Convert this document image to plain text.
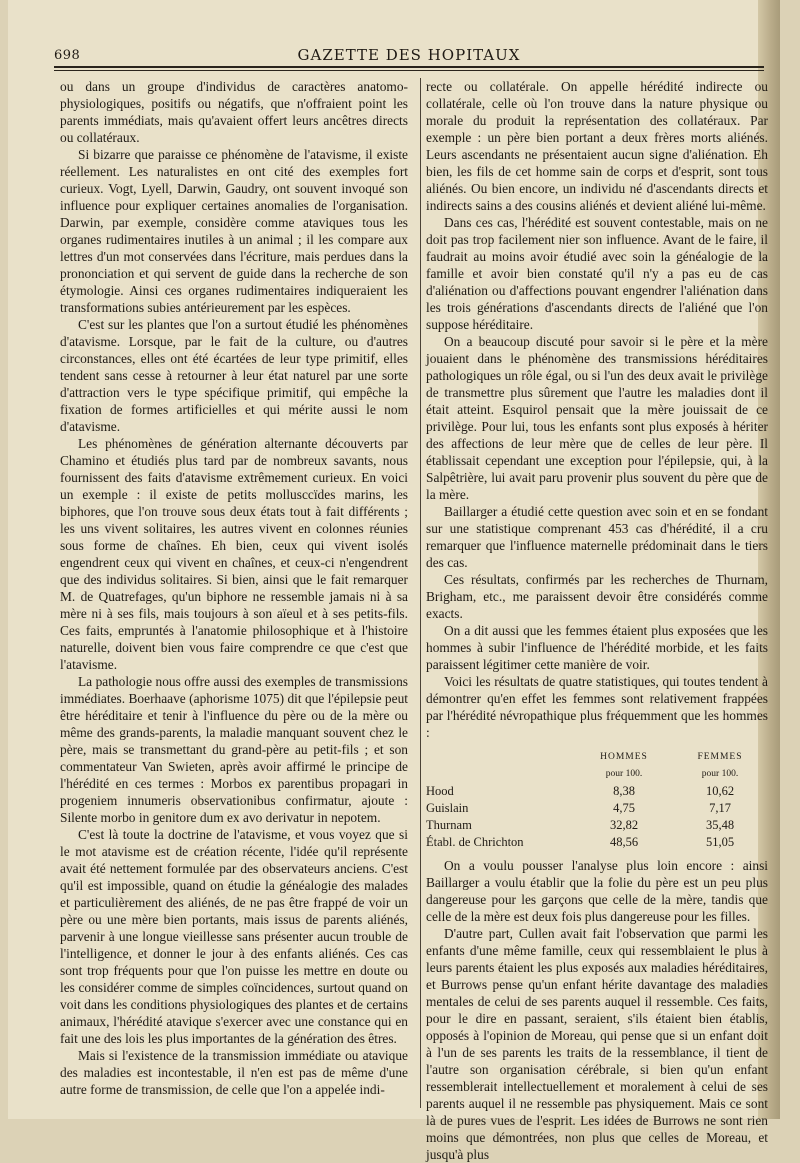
698	GAZETTE DES HOPITAUX

ou dans un groupe d'individus de caractères anatomo-physiologiques, positifs ou négatifs, que n'offraient point les parents immédiats, mais qu'avaient offert leurs ancêtres directs ou collatéraux.

Si bizarre que paraisse ce phénomène de l'atavisme, il existe réellement. Les naturalistes en ont cité des exemples fort curieux. Vogt, Lyell, Darwin, Gaudry, ont souvent invoqué son influence pour expliquer certaines anomalies de l'organisation. Darwin, par exemple, considère comme ataviques tous les organes rudimentaires inutiles à un animal ; il les compare aux lettres d'un mot conservées dans l'écriture, mais perdues dans la prononciation et qui servent de guide dans la recherche de son étymologie. Ainsi ces organes rudimentaires indiqueraient les transformations subies antérieurement par les espèces.

C'est sur les plantes que l'on a surtout étudié les phénomènes d'atavisme. Lorsque, par le fait de la culture, ou d'autres circonstances, elles ont été écartées de leur type primitif, elles tendent sans cesse à retourner à leur état naturel par une sorte d'attraction vers le type spécifique primitif, qui empêche la fixation de formes artificielles et qui mérite aussi le nom d'atavisme.

Les phénomènes de génération alternante découverts par Chamino et étudiés plus tard par de nombreux savants, nous fournissent des faits d'atavisme extrêmement curieux. En voici un exemple : il existe de petits mollusccïdes marins, les biphores, que l'on trouve sous deux états tout à fait différents ; les uns vivent solitaires, les autres vivent en colonnes réunies sous forme de chaînes. Eh bien, ceux qui vivent isolés engendrent ceux qui vivent en chaînes, et ceux-ci n'engendrent que des individus solitaires. Si bien, ainsi que le fait remarquer M. de Quatrefages, qu'un biphore ne ressemble jamais ni à sa mère ni à ses fils, mais toujours à son aïeul et à ses petits-fils. Ces faits, empruntés à l'anatomie philosophique et à l'histoire naturelle, doivent bien vous faire comprendre ce que c'est que l'atavisme.

La pathologie nous offre aussi des exemples de transmissions immédiates. Boerhaave (aphorisme 1075) dit que l'épilepsie peut être héréditaire et tenir à l'influence du père ou de la mère ou même des grands-parents, la maladie manquant souvent chez le père, mais se transmettant du grand-père au petit-fils ; et son commentateur Van Swieten, après avoir affirmé le principe de l'hérédité en ces termes : Morbos ex parentibus propagari in progeniem innumeris observationibus confirmatur, ajoute : Silente morbo in genitore dum ex avo derivatur in nepotem.

C'est là toute la doctrine de l'atavisme, et vous voyez que si le mot atavisme est de création récente, l'idée qu'il représente avait été nettement formulée par des observateurs anciens. C'est qu'il est impossible, quand on étudie la généalogie des malades et particulièrement des aliénés, de ne pas être frappé de voir un père ou une mère bien portants, mais issus de parents aliénés, parvenir à une longue vieillesse sans présenter aucun trouble de l'intelligence, et donner le jour à des enfants aliénés. Ces cas sont trop fréquents pour que l'on puisse les mettre en doute ou les considérer comme de simples coïncidences, surtout quand on voit dans les conditions physiologiques des plantes et de certains animaux, l'hérédité atavique s'exercer avec une constance qui en fait une des lois les plus importantes de la génération des êtres.

Mais si l'existence de la transmission immédiate ou atavique des maladies est incontestable, il n'en est pas de même d'une autre forme de transmission, de celle que l'on a appelée indi-

recte ou collatérale. On appelle hérédité indirecte ou collatérale, celle où l'on trouve dans la nature physique ou morale du produit la représentation des collatéraux. Par exemple : un père bien portant a deux frères morts aliénés. Leurs ascendants ne présentaient aucun signe d'aliénation. Eh bien, les fils de cet homme sain de corps et d'esprit, sont tous aliénés. Ou bien encore, un individu né d'ascendants directs et indirects sains a des cousins aliénés et devient aliéné lui-même.

Dans ces cas, l'hérédité est souvent contestable, mais on ne doit pas trop facilement nier son influence. Avant de le faire, il faudrait au moins avoir étudié avec soin la généalogie de la famille et avoir bien constaté qu'il n'y a pas eu de cas d'aliénation ou d'affections pouvant engendrer l'aliénation dans les trois générations d'ascendants directs de l'aliéné que l'on suppose héréditaire.

On a beaucoup discuté pour savoir si le père et la mère jouaient dans le phénomène des transmissions héréditaires pathologiques un rôle égal, ou si l'un des deux avait le privilège de transmettre plus sûrement que l'autre les maladies dont il était atteint. Esquirol pensait que la mère jouissait de ce privilège. Pour lui, tous les enfants sont plus exposés à hériter des affections de leur mère que de celles de leur père. Il établissait cependant une exception pour l'épilepsie, qui, à la Salpêtrière, lui avait paru provenir plus souvent du père que de la mère.

Baillarger a étudié cette question avec soin et en se fondant sur une statistique comprenant 453 cas d'hérédité, il a cru remarquer que l'influence maternelle prédominait dans le tiers des cas.

Ces résultats, confirmés par les recherches de Thurnam, Brigham, etc., me paraissent devoir être considérés comme exacts.

On a dit aussi que les femmes étaient plus exposées que les hommes à subir l'influence de l'hérédité morbide, et les faits paraissent légitimer cette manière de voir.

Voici les résultats de quatre statistiques, qui toutes tendent à démontrer qu'en effet les femmes sont relativement frappées par l'hérédité névropathique plus fréquemment que les hommes :

HOMMES	FEMMES
pour 100.	pour 100.
Hood	8,38	10,62
Guislain	4,75	7,17
Thurnam	32,82	35,48
Établ. de Chrichton	48,56	51,05

On a voulu pousser l'analyse plus loin encore : ainsi Baillarger a voulu établir que la folie du père est un peu plus dangereuse pour les garçons que celle de la mère, tandis que celle de la mère est deux fois plus dangereuse pour les filles.

D'autre part, Cullen avait fait l'observation que parmi les enfants d'une même famille, ceux qui ressemblaient le plus à leurs parents étaient les plus exposés aux maladies héréditaires, et Burrows pense qu'un enfant hérite davantage des maladies mentales de celui de ses parents auquel il ressemble. Ces faits, pour le dire en passant, seraient, s'ils étaient bien établis, opposés à l'opinion de Moreau, qui pense que si un enfant doit à l'un de ses parents les traits de la ressemblance, il tient de l'autre son organisation cérébrale, si bien qu'un enfant ressemblerait intellectuellement et moralement à celui de ses parents auquel il ne ressemble pas physiquement. Mais ce sont là de pures vues de l'esprit. Les idées de Burrows ne sont rien moins que démontrées, non plus que celles de Moreau, et jusqu'à plus
